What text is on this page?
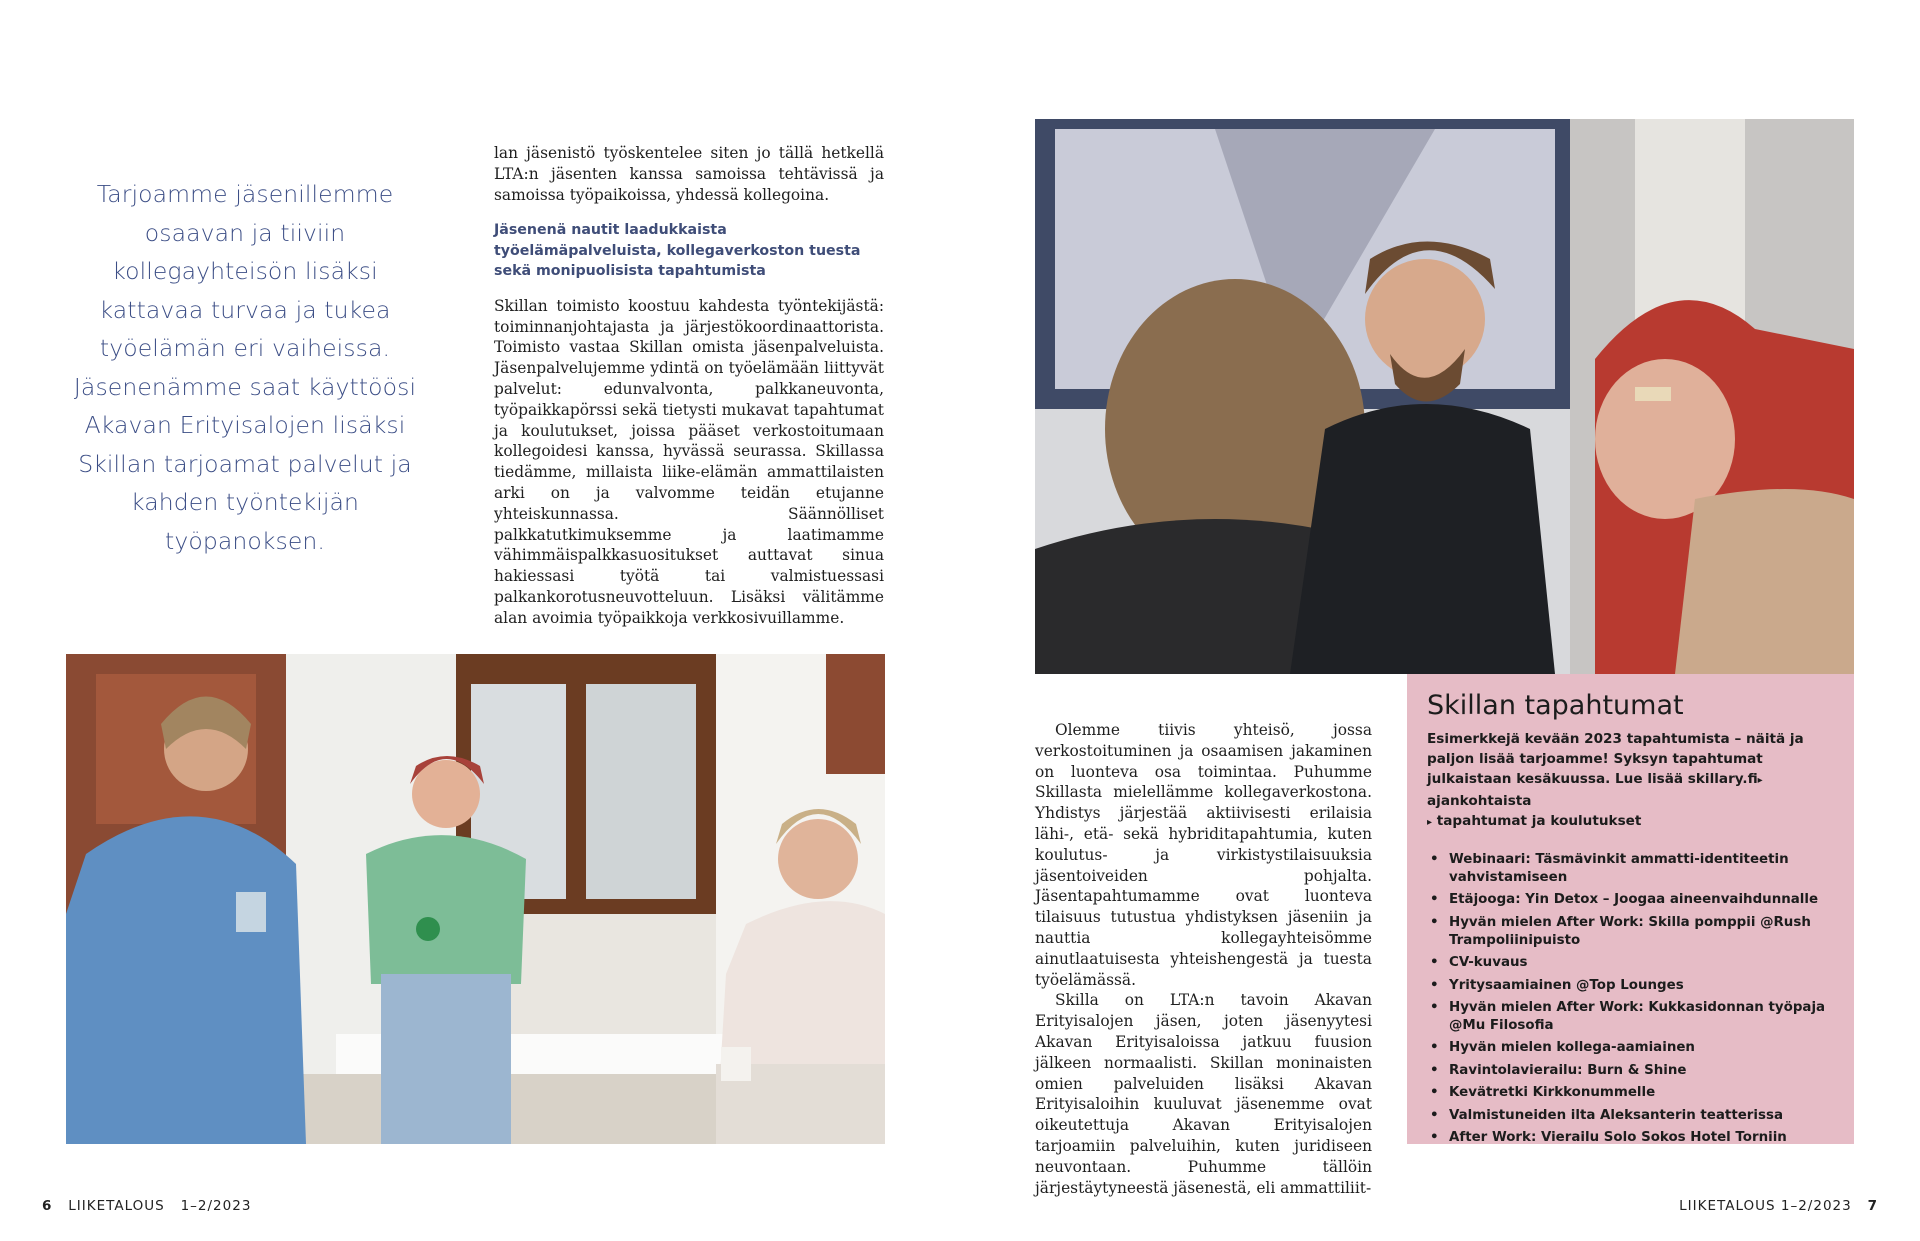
Tarjoamme jäsenillemme osaavan ja tiiviin kollegayhteisön lisäksi kattavaa turvaa ja tukea työelämän eri vaiheissa. Jäsenenämme saat käyttöösi Akavan Erityisalojen lisäksi Skillan tarjoamat palvelut ja kahden työntekijän työpanoksen.

lan jäsenistö työskentelee siten jo tällä hetkellä LTA:n jäsenten kanssa samoissa tehtävissä ja samoissa työpaikoissa, yhdessä kollegoina.

Jäsenenä nautit laadukkaista työelämäpalveluista, kollegaverkoston tuesta sekä monipuolisista tapahtumista

Skillan toimisto koostuu kahdesta työntekijästä: toiminnanjohtajasta ja järjestökoordinaattorista. Toimisto vastaa Skillan omista jäsenpalveluista. Jäsenpalvelujemme ydintä on työelämään liittyvät palvelut: edunvalvonta, palkkaneuvonta, työpaikkapörssi sekä tietysti mukavat tapahtumat ja koulutukset, joissa pääset verkostoitumaan kollegoidesi kanssa, hyvässä seurassa. Skillassa tiedämme, millaista liike-elämän ammattilaisten arki on ja valvomme teidän etujanne yhteiskunnassa. Säännölliset palkkatutkimuksemme ja laatimamme vähimmäispalkkasuositukset auttavat sinua hakiessasi työtä tai valmistuessasi palkankorotusneuvotteluun. Lisäksi välitämme alan avoimia työpaikkoja verkkosivuillamme.

6 LIIKETALOUS 1–2/2023

Olemme tiivis yhteisö, jossa verkostoituminen ja osaamisen jakaminen on luonteva osa toimintaa. Puhumme Skillasta mielellämme kollegaverkostona. Yhdistys järjestää aktiivisesti erilaisia lähi-, etä- sekä hybriditapahtumia, kuten koulutus- ja virkistystilaisuuksia jäsentoiveiden pohjalta. Jäsentapahtumamme ovat luonteva tilaisuus tutustua yhdistyksen jäseniin ja nauttia kollegayhteisömme ainutlaatuisesta yhteishengestä ja tuesta työelämässä.

Skilla on LTA:n tavoin Akavan Erityisalojen jäsen, joten jäsenyytesi Akavan Erityisaloissa jatkuu fuusion jälkeen normaalisti. Skillan moninaisten omien palveluiden lisäksi Akavan Erityisaloihin kuuluvat jäsenemme ovat oikeutettuja Akavan Erityisalojen tarjoamiin palveluihin, kuten juridiseen neuvontaan. Puhumme tällöin järjestäytyneestä jäsenestä, eli ammattiliit-

Skillan tapahtumat

Esimerkkejä kevään 2023 tapahtumista – näitä ja paljon lisää tarjoamme! Syksyn tapahtumat julkaistaan kesäkuussa. Lue lisää skillary.fi▸ ajankohtaista
▸ tapahtumat ja koulutukset

• Webinaari: Täsmävinkit ammatti-identiteetin vahvistamiseen
• Etäjooga: Yin Detox – Joogaa aineenvaihdunnalle
• Hyvän mielen After Work: Skilla pomppii @Rush Trampoliinipuisto
• CV-kuvaus
• Yritysaamiainen @Top Lounges
• Hyvän mielen After Work: Kukkasidonnan työpaja @Mu Filosofia
• Hyvän mielen kollega-aamiainen
• Ravintolavierailu: Burn & Shine
• Kevätretki Kirkkonummelle
• Valmistuneiden ilta Aleksanterin teatterissa
• After Work: Vierailu Solo Sokos Hotel Torniin
LIIKETALOUS 1–2/2023 7
